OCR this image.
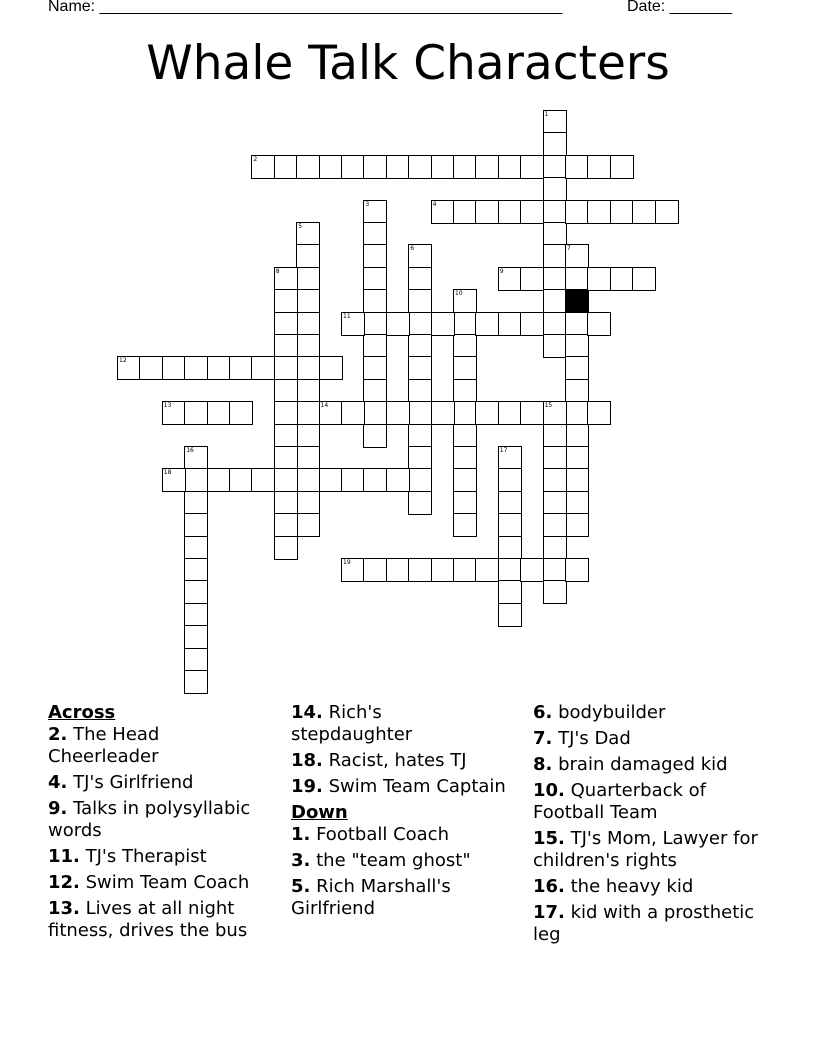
Name: ____________________________________________________	Date: _______
Whale Talk Characters
1
2
3	4
5
6	7
8	9
10
11
12
13	14	15
16	17
18
19
Across
2. The Head Cheerleader
4. TJ's Girlfriend
9. Talks in polysyllabic words
11. TJ's Therapist
12. Swim Team Coach
13. Lives at all night fitness, drives the bus
14. Rich's stepdaughter
18. Racist, hates TJ
19. Swim Team Captain
Down
1. Football Coach
3. the "team ghost"
5. Rich Marshall's Girlfriend
6. bodybuilder
7. TJ's Dad
8. brain damaged kid
10. Quarterback of Football Team
15. TJ's Mom, Lawyer for children's rights
16. the heavy kid
17. kid with a prosthetic leg
